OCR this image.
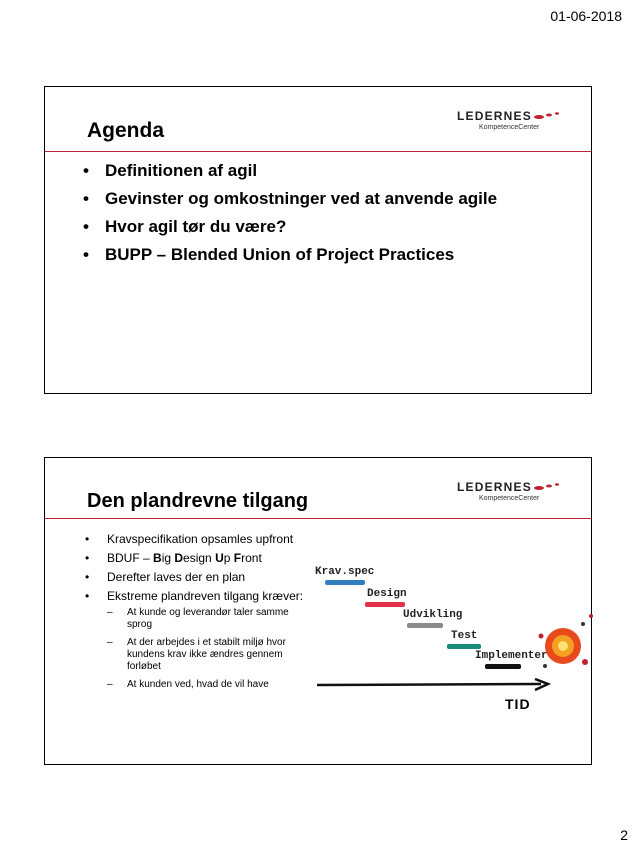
01-06-2018
Agenda
LEDERNES
KompetenceCenter
• Definitionen af agil
• Gevinster og omkostninger ved at anvende agile
• Hvor agil tør du være?
• BUPP – Blended Union of Project Practices
Den plandrevne tilgang
LEDERNES
KompetenceCenter
• Kravspecifikation opsamles upfront
• BDUF – Big Design Up Front
• Derefter laves der en plan
• Ekstreme plandreven tilgang kræver:
– At kunde og leverandør taler samme sprog
– At der arbejdes i et stabilt miljø hvor kundens krav ikke ændres gennem forløbet
– At kunden ved, hvad de vil have
Krav.spec
Design
Udvikling
Test
Implementer
TID
2
